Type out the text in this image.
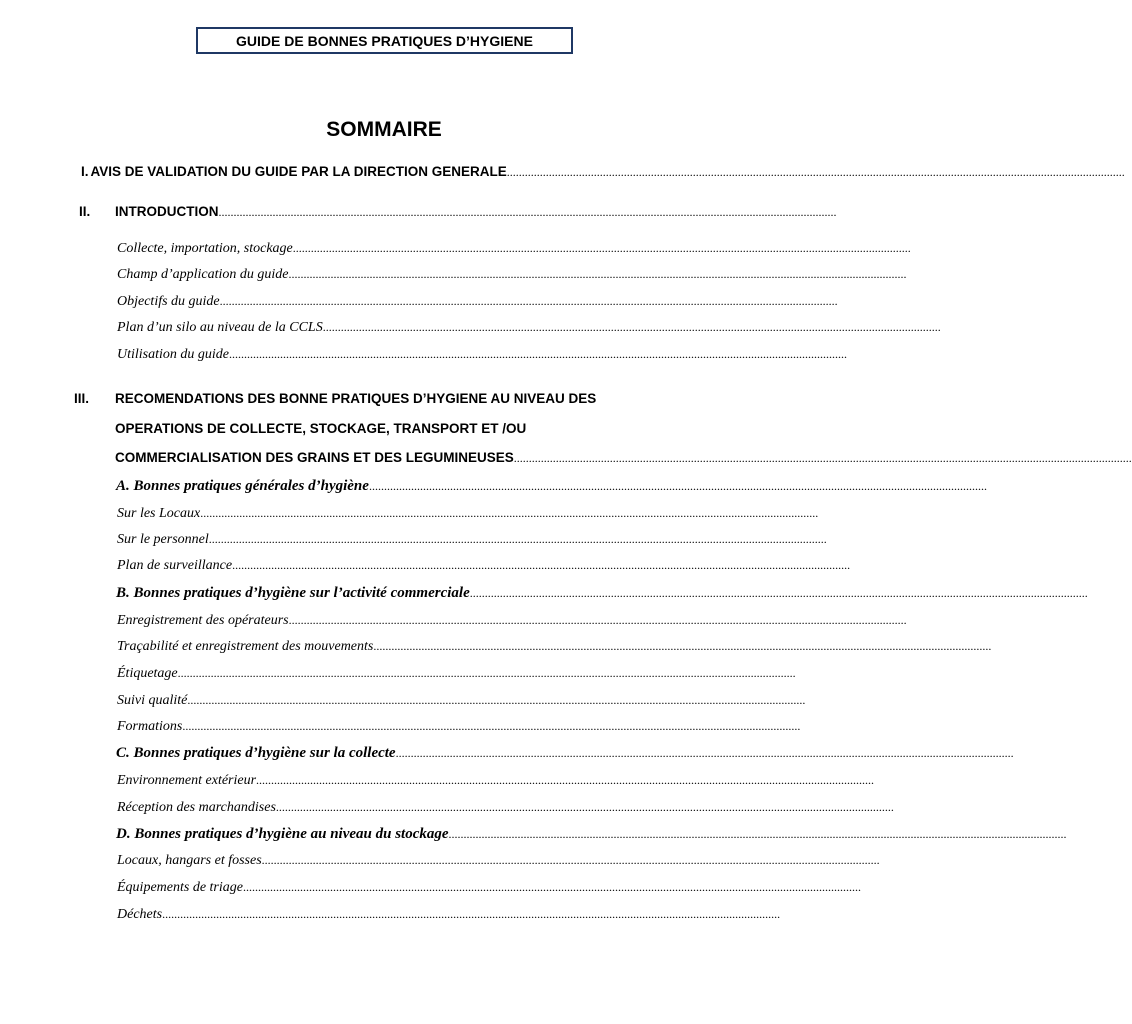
GUIDE DE BONNES PRATIQUES D’HYGIENE
SOMMAIRE
I. AVIS DE VALIDATION DU GUIDE PAR LA DIRECTION GENERALE ..............................................................................................................................................................................................................
II. INTRODUCTION ..............................................................................................................................................................................................................
Collecte, importation, stockage ..............................................................................................................................................................................................................
Champ d’application du guide ..............................................................................................................................................................................................................
Objectifs du guide ..............................................................................................................................................................................................................
Plan d’un silo au niveau de la CCLS ..............................................................................................................................................................................................................
Utilisation du guide ..............................................................................................................................................................................................................
III. RECOMENDATIONS DES BONNE PRATIQUES D’HYGIENE AU NIVEAU DES
OPERATIONS DE COLLECTE, STOCKAGE, TRANSPORT ET /OU
COMMERCIALISATION DES GRAINS ET DES LEGUMINEUSES ..............................................................................................................................................................................................................
A. Bonnes pratiques générales d’hygiène ..............................................................................................................................................................................................................
Sur les Locaux ..............................................................................................................................................................................................................
Sur le personnel ..............................................................................................................................................................................................................
Plan de surveillance ..............................................................................................................................................................................................................
B. Bonnes pratiques d’hygiène sur l’activité commerciale ..............................................................................................................................................................................................................
Enregistrement des opérateurs ..............................................................................................................................................................................................................
Traçabilité et enregistrement des mouvements ..............................................................................................................................................................................................................
Étiquetage ..............................................................................................................................................................................................................
Suivi qualité ..............................................................................................................................................................................................................
Formations ..............................................................................................................................................................................................................
C. Bonnes pratiques d’hygiène sur la collecte ..............................................................................................................................................................................................................
Environnement extérieur ..............................................................................................................................................................................................................
Réception des marchandises ..............................................................................................................................................................................................................
D. Bonnes pratiques d’hygiène au niveau du stockage ..............................................................................................................................................................................................................
Locaux, hangars et fosses ..............................................................................................................................................................................................................
Équipements de triage ..............................................................................................................................................................................................................
Déchets ..............................................................................................................................................................................................................
